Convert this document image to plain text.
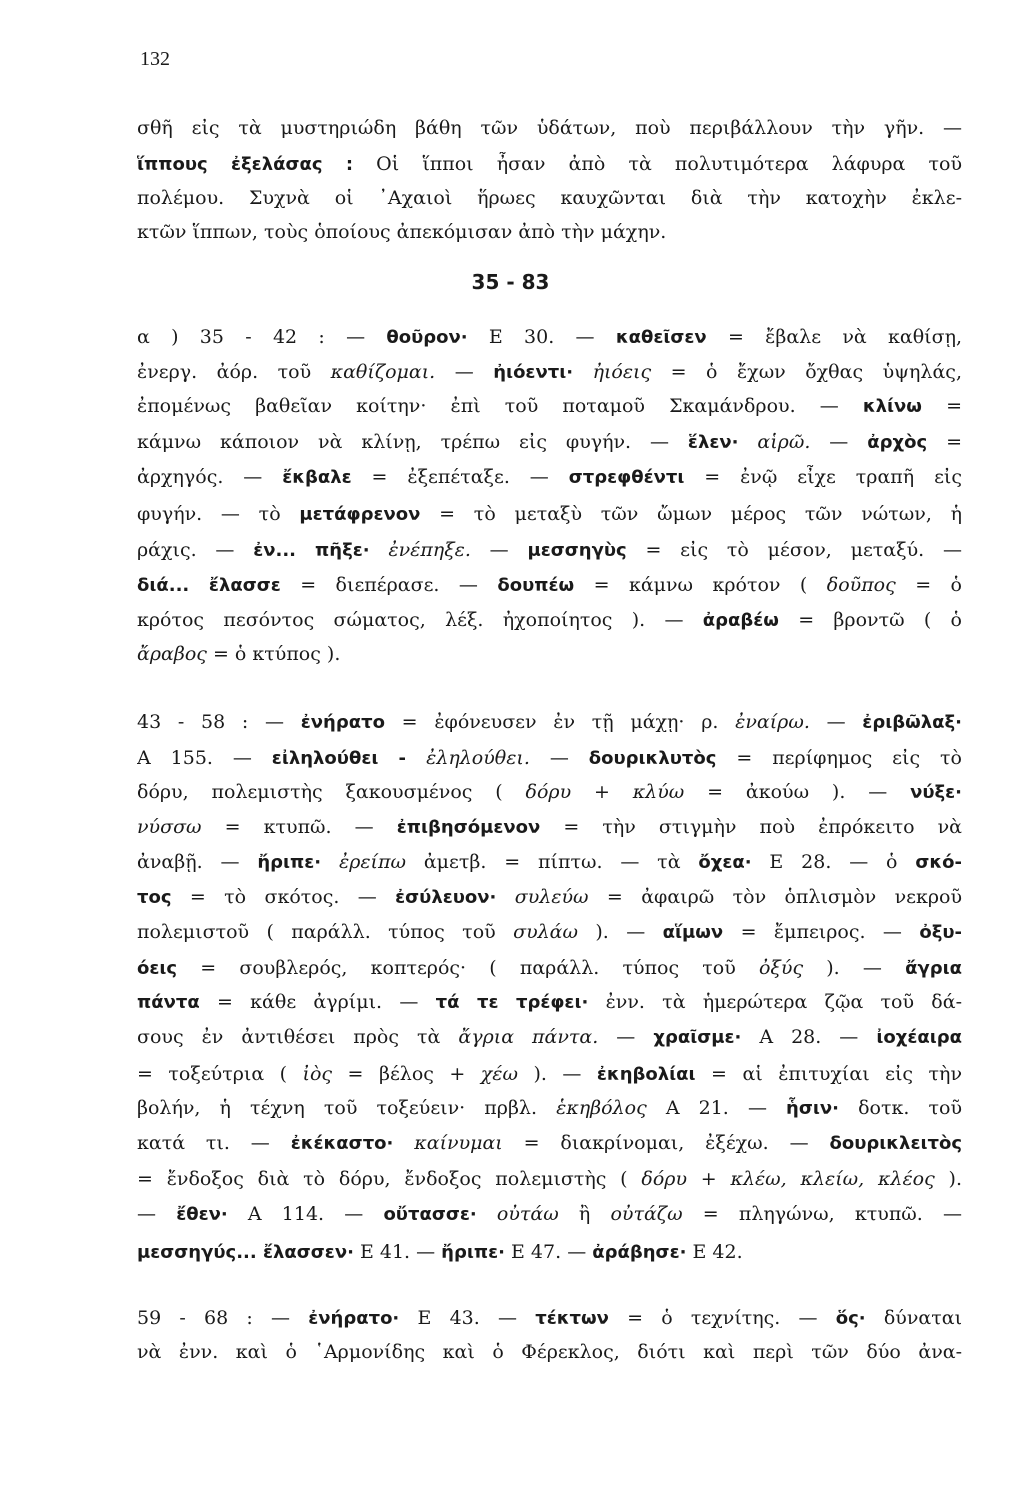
132
35 - 83
σθῆ εἰς τὰ μυστηριώδη βάθη τῶν ὑδάτων, ποὺ περιβάλλουν τὴν γῆν. —
ἵππους ἐξελάσας : Οἱ ἵπποι ἦσαν ἀπὸ τὰ πολυτιμότερα λάφυρα τοῦ
πολέμου. Συχνὰ οἱ ᾿Αχαιοὶ ἥρωες καυχῶνται διὰ τὴν κατοχὴν ἐκλε-
κτῶν ἵππων, τοὺς ὁποίους ἀπεκόμισαν ἀπὸ τὴν μάχην.
α ) 35 - 42 : — θοῦρον· Ε 30. — καθεῖσεν = ἔβαλε νὰ καθίσῃ,
ἐνεργ. ἀόρ. τοῦ καθίζομαι. — ἠιόεντι· ἠιόεις = ὁ ἔχων ὄχθας ὑψηλάς,
ἐπομένως βαθεῖαν κοίτην· ἐπὶ τοῦ ποταμοῦ Σκαμάνδρου. — κλίνω =
κάμνω κάποιον νὰ κλίνῃ, τρέπω εἰς φυγήν. — ἕλεν· αἱρῶ. — ἀρχὸς =
ἀρχηγός. — ἔκβαλε = ἐξεπέταξε. — στρεφθέντι = ἐνῷ εἶχε τραπῆ εἰς
φυγήν. — τὸ μετάφρενον = τὸ μεταξὺ τῶν ὤμων μέρος τῶν νώτων, ἡ
ράχις. — ἐν... πῆξε· ἐνέπηξε. — μεσσηγὺς = εἰς τὸ μέσον, μεταξύ. —
διά... ἔλασσε = διεπέρασε. — δουπέω = κάμνω κρότον ( δοῦπος = ὁ
κρότος πεσόντος σώματος, λέξ. ἠχοποίητος ). — ἀραβέω = βροντῶ ( ὁ
ἄραβος = ὁ κτύπος ).
43 - 58 : — ἐνήρατο = ἐφόνευσεν ἐν τῇ μάχῃ· ρ. ἐναίρω. — ἐριβῶλαξ·
Α 155. — εἰληλούθει - ἐληλούθει. — δουρικλυτὸς = περίφημος εἰς τὸ
δόρυ, πολεμιστὴς ξακουσμένος ( δόρυ + κλύω = ἀκούω ). — νύξε·
νύσσω = κτυπῶ. — ἐπιβησόμενον = τὴν στιγμὴν ποὺ ἐπρόκειτο νὰ
ἀναβῇ. — ἤριπε· ἐρείπω ἀμετβ. = πίπτω. — τὰ ὄχεα· Ε 28. — ὁ σκό-
τος = τὸ σκότος. — ἐσύλευον· συλεύω = ἀφαιρῶ τὸν ὁπλισμὸν νεκροῦ
πολεμιστοῦ ( παράλλ. τύπος τοῦ συλάω ). — αἵμων = ἔμπειρος. — ὀξυ-
όεις = σουβλερός, κοπτερός· ( παράλλ. τύπος τοῦ ὀξύς ). — ἄγρια
πάντα = κάθε ἀγρίμι. — τά τε τρέφει· ἐνν. τὰ ἡμερώτερα ζῷα τοῦ δά-
σους ἐν ἀντιθέσει πρὸς τὰ ἄγρια πάντα. — χραῖσμε· Α 28. — ἰοχέαιρα
= τοξεύτρια ( ἰὸς = βέλος + χέω ). — ἐκηβολίαι = αἱ ἐπιτυχίαι εἰς τὴν
βολήν, ἡ τέχνη τοῦ τοξεύειν· πρβλ. ἑκηβόλος Α 21. — ἧσιν· δοτκ. τοῦ
κατά τι. — ἐκέκαστο· καίνυμαι = διακρίνομαι, ἐξέχω. — δουρικλειτὸς
= ἔνδοξος διὰ τὸ δόρυ, ἔνδοξος πολεμιστὴς ( δόρυ + κλέω, κλείω, κλέος ).
— ἔθεν· Α 114. — οὔτασσε· οὐτάω ἢ οὐτάζω = πληγώνω, κτυπῶ. —
μεσσηγύς... ἔλασσεν· Ε 41. — ἤριπε· Ε 47. — ἀράβησε· Ε 42.
59 - 68 : — ἐνήρατο· Ε 43. — τέκτων = ὁ τεχνίτης. — ὅς· δύναται
νὰ ἐνν. καὶ ὁ ῾Αρμονίδης καὶ ὁ Φέρεκλος, διότι καὶ περὶ τῶν δύο ἀνα-
